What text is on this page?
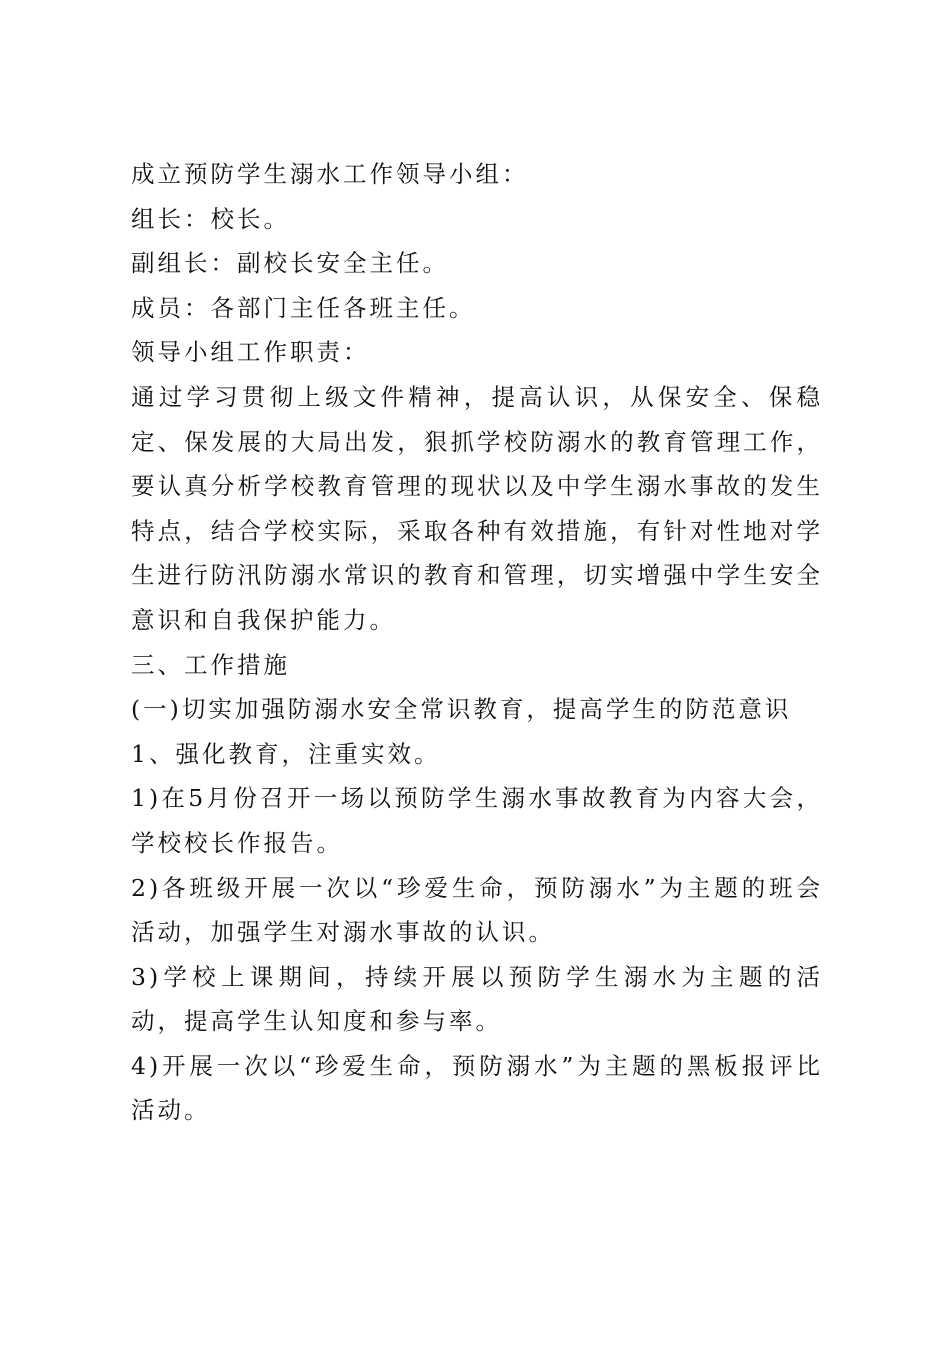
成立预防学生溺水工作领导小组：

组长：校长。

副组长：副校长安全主任。

成员：各部门主任各班主任。

领导小组工作职责：

通过学习贯彻上级文件精神，提高认识，从保安全、保稳定、保发展的大局出发，狠抓学校防溺水的教育管理工作，要认真分析学校教育管理的现状以及中学生溺水事故的发生特点，结合学校实际，采取各种有效措施，有针对性地对学生进行防汛防溺水常识的教育和管理，切实增强中学生安全意识和自我保护能力。

三、工作措施

(一)切实加强防溺水安全常识教育，提高学生的防范意识

1、强化教育，注重实效。

1)在5月份召开一场以预防学生溺水事故教育为内容大会，学校校长作报告。

2)各班级开展一次以“珍爱生命，预防溺水”为主题的班会活动，加强学生对溺水事故的认识。

3)学校上课期间，持续开展以预防学生溺水为主题的活动，提高学生认知度和参与率。

4)开展一次以“珍爱生命，预防溺水”为主题的黑板报评比活动。
